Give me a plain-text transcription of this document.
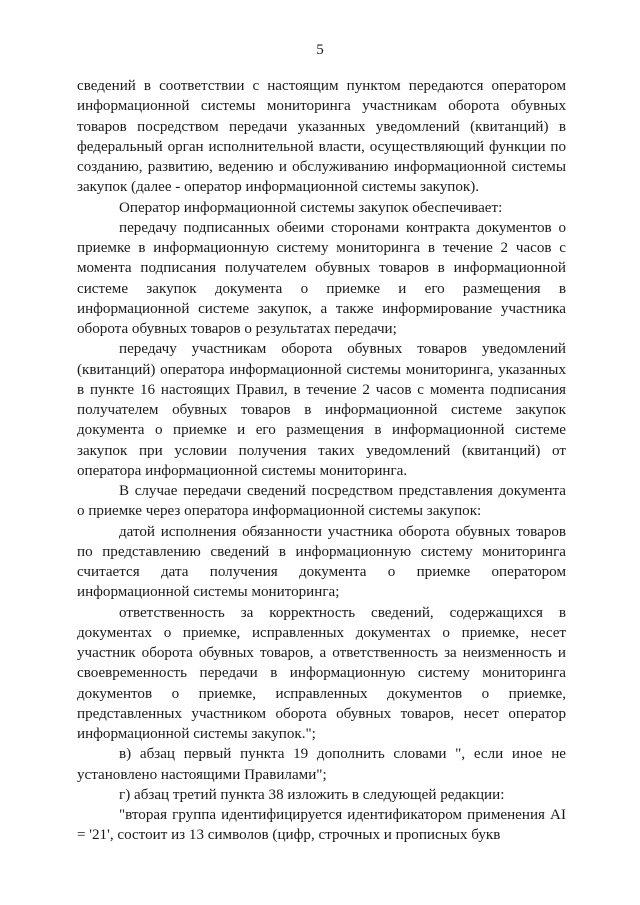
5

сведений в соответствии с настоящим пунктом передаются оператором информационной системы мониторинга участникам оборота обувных товаров посредством передачи указанных уведомлений (квитанций) в федеральный орган исполнительной власти, осуществляющий функции по созданию, развитию, ведению и обслуживанию информационной системы закупок (далее - оператор информационной системы закупок).

Оператор информационной системы закупок обеспечивает:

передачу подписанных обеими сторонами контракта документов о приемке в информационную систему мониторинга в течение 2 часов с момента подписания получателем обувных товаров в информационной системе закупок документа о приемке и его размещения в информационной системе закупок, а также информирование участника оборота обувных товаров о результатах передачи;

передачу участникам оборота обувных товаров уведомлений (квитанций) оператора информационной системы мониторинга, указанных в пункте 16 настоящих Правил, в течение 2 часов с момента подписания получателем обувных товаров в информационной системе закупок документа о приемке и его размещения в информационной системе закупок при условии получения таких уведомлений (квитанций) от оператора информационной системы мониторинга.

В случае передачи сведений посредством представления документа о приемке через оператора информационной системы закупок:

датой исполнения обязанности участника оборота обувных товаров по представлению сведений в информационную систему мониторинга считается дата получения документа о приемке оператором информационной системы мониторинга;

ответственность за корректность сведений, содержащихся в документах о приемке, исправленных документах о приемке, несет участник оборота обувных товаров, а ответственность за неизменность и своевременность передачи в информационную систему мониторинга документов о приемке, исправленных документов о приемке, представленных участником оборота обувных товаров, несет оператор информационной системы закупок.";

в) абзац первый пункта 19 дополнить словами ", если иное не установлено настоящими Правилами";

г) абзац третий пункта 38 изложить в следующей редакции:

"вторая группа идентифицируется идентификатором применения AI = '21', состоит из 13 символов (цифр, строчных и прописных букв
